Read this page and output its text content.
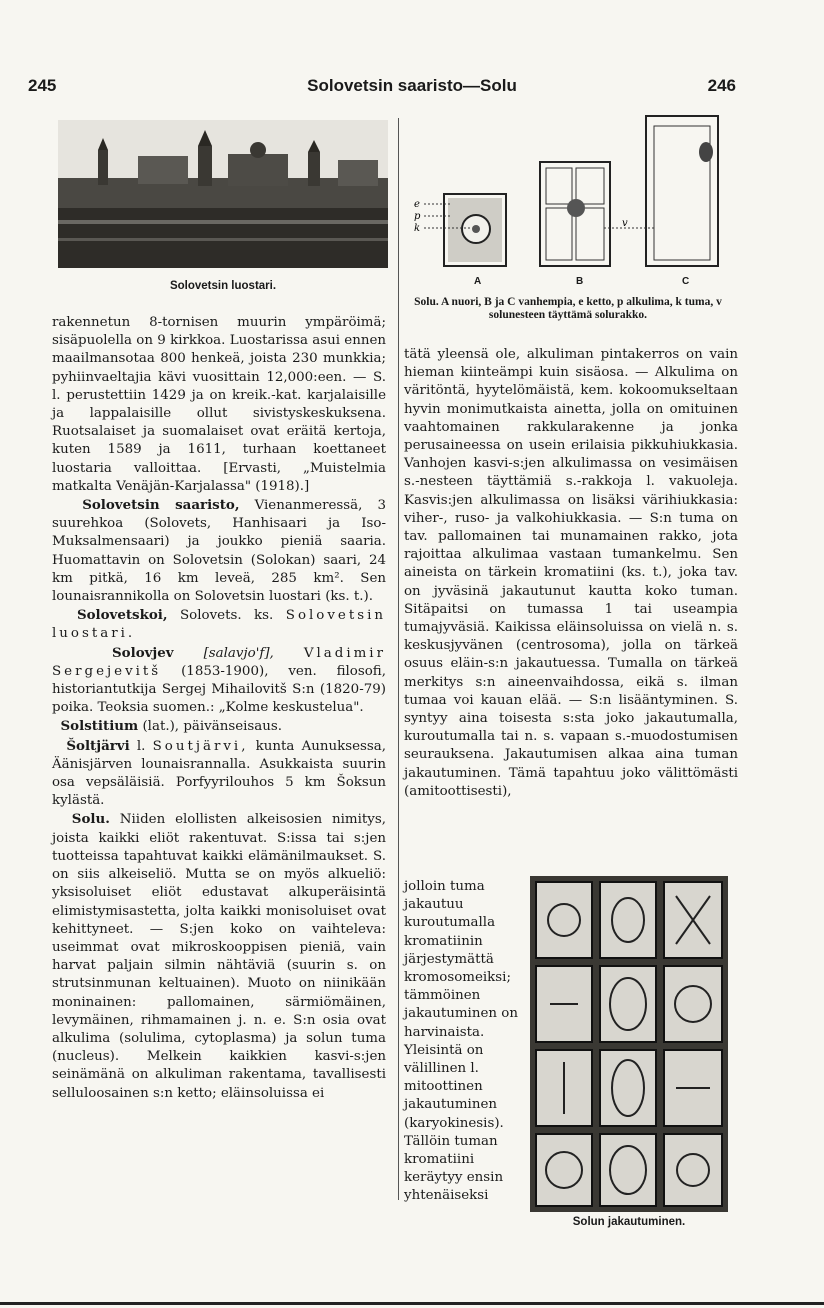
245	Solovetsin saaristo—Solu	246
Solovetsin luostari.
e
p
k	v
A	B	C
Solu. A nuori, B ja C vanhempia, e ketto, p alkulima, k tuma, v solunesteen täyttämä solurakko.

rakennetun 8-tornisen muurin ympäröimä; sisäpuolella on 9 kirkkoa. Luostarissa asui ennen maailmansotaa 800 henkeä, joista 230 munkkia; pyhiinvaeltajia kävi vuosittain 12,000:een. — S. l. perustettiin 1429 ja on kreik.-kat. karjalaisille ja lappalaisille ollut sivistyskeskuksena. Ruotsalaiset ja suomalaiset ovat eräitä kertoja, kuten 1589 ja 1611, turhaan koettaneet luostaria valloittaa. [Ervasti, „Muistelmia matkalta Venäjän-Karjalassa" (1918).]

Solovetsin saaristo, Vienanmeressä, 3 suurehkoa (Solovets, Hanhisaari ja Iso-Muksalmensaari) ja joukko pieniä saaria. Huomattavin on Solovetsin (Solokan) saari, 24 km pitkä, 16 km leveä, 285 km². Sen lounaisrannikolla on Solovetsin luostari (ks. t.).

Solovetskoi, Solovets. ks. Solovetsin luostari.

Solovjev [salavjo'f], Vladimir Sergejevitš (1853-1900), ven. filosofi, historiantutkija Sergej Mihailovitš S:n (1820-79) poika. Teoksia suomen.: „Kolme keskustelua".

Solstitium (lat.), päivänseisaus.

Šoltjärvi l. Soutjärvi, kunta Aunuksessa, Äänisjärven lounaisrannalla. Asukkaista suurin osa vepsäläisiä. Porfyyrilouhos 5 km Šoksun kylästä.

Solu. Niiden elollisten alkeisosien nimitys, joista kaikki eliöt rakentuvat. S:issa tai s:jen tuotteissa tapahtuvat kaikki elämänilmaukset. S. on siis alkeiseliö. Mutta se on myös alkueliö: yksisoluiset eliöt edustavat alkuperäisintä elimistymisastetta, jolta kaikki monisoluiset ovat kehittyneet. — S:jen koko on vaihteleva: useimmat ovat mikroskooppisen pieniä, vain harvat paljain silmin nähtäviä (suurin s. on strutsinmunan keltuainen). Muoto on niinikään moninainen: pallomainen, särmiömäinen, levymäinen, rihmamainen j. n. e. S:n osia ovat alkulima (solulima, cytoplasma) ja solun tuma (nucleus). Melkein kaikkien kasvi-s:jen seinämänä on alkuliman rakentama, tavallisesti selluloosainen s:n ketto; eläinsoluissa ei

tätä yleensä ole, alkuliman pintakerros on vain hieman kiinteämpi kuin sisäosa. — Alkulima on väritöntä, hyytelömäistä, kem. kokoomukseltaan hyvin monimutkaista ainetta, jolla on omituinen vaahtomainen rakkularakenne ja jonka perusaineessa on usein erilaisia pikkuhiukkasia. Vanhojen kasvi-s:jen alkulimassa on vesimäisen s.-nesteen täyttämiä s.-rakkoja l. vakuoleja. Kasvis:jen alkulimassa on lisäksi värihiukkasia: viher-, ruso- ja valkohiukkasia. — S:n tuma on tav. pallomainen tai munamainen rakko, jota rajoittaa alkulimaa vastaan tumankelmu. Sen aineista on tärkein kromatiini (ks. t.), joka tav. on jyväsinä jakautunut kautta koko tuman. Sitäpaitsi on tumassa 1 tai useampia tumajyväsiä. Kaikissa eläinsoluissa on vielä n. s. keskusjyvänen (centrosoma), jolla on tärkeä osuus eläin-s:n jakautuessa. Tumalla on tärkeä merkitys s:n aineenvaihdossa, eikä s. ilman tumaa voi kauan elää. — S:n lisääntyminen. S. syntyy aina toisesta s:sta joko jakautumalla, kuroutumalla tai n. s. vapaan s.-muodostumisen seurauksena. Jakautumisen alkaa aina tuman jakautuminen. Tämä tapahtuu joko välittömästi (amitoottisesti),

jolloin tuma jakautuu kuroutumalla kromatiinin järjestymättä kromosomeiksi; tämmöinen jakautuminen on harvinaista. Yleisintä on välillinen l. mitoottinen jakautuminen (karyokinesis). Tällöin tuman kromatiini keräytyy ensin yhtenäiseksi
Solun jakautuminen.
